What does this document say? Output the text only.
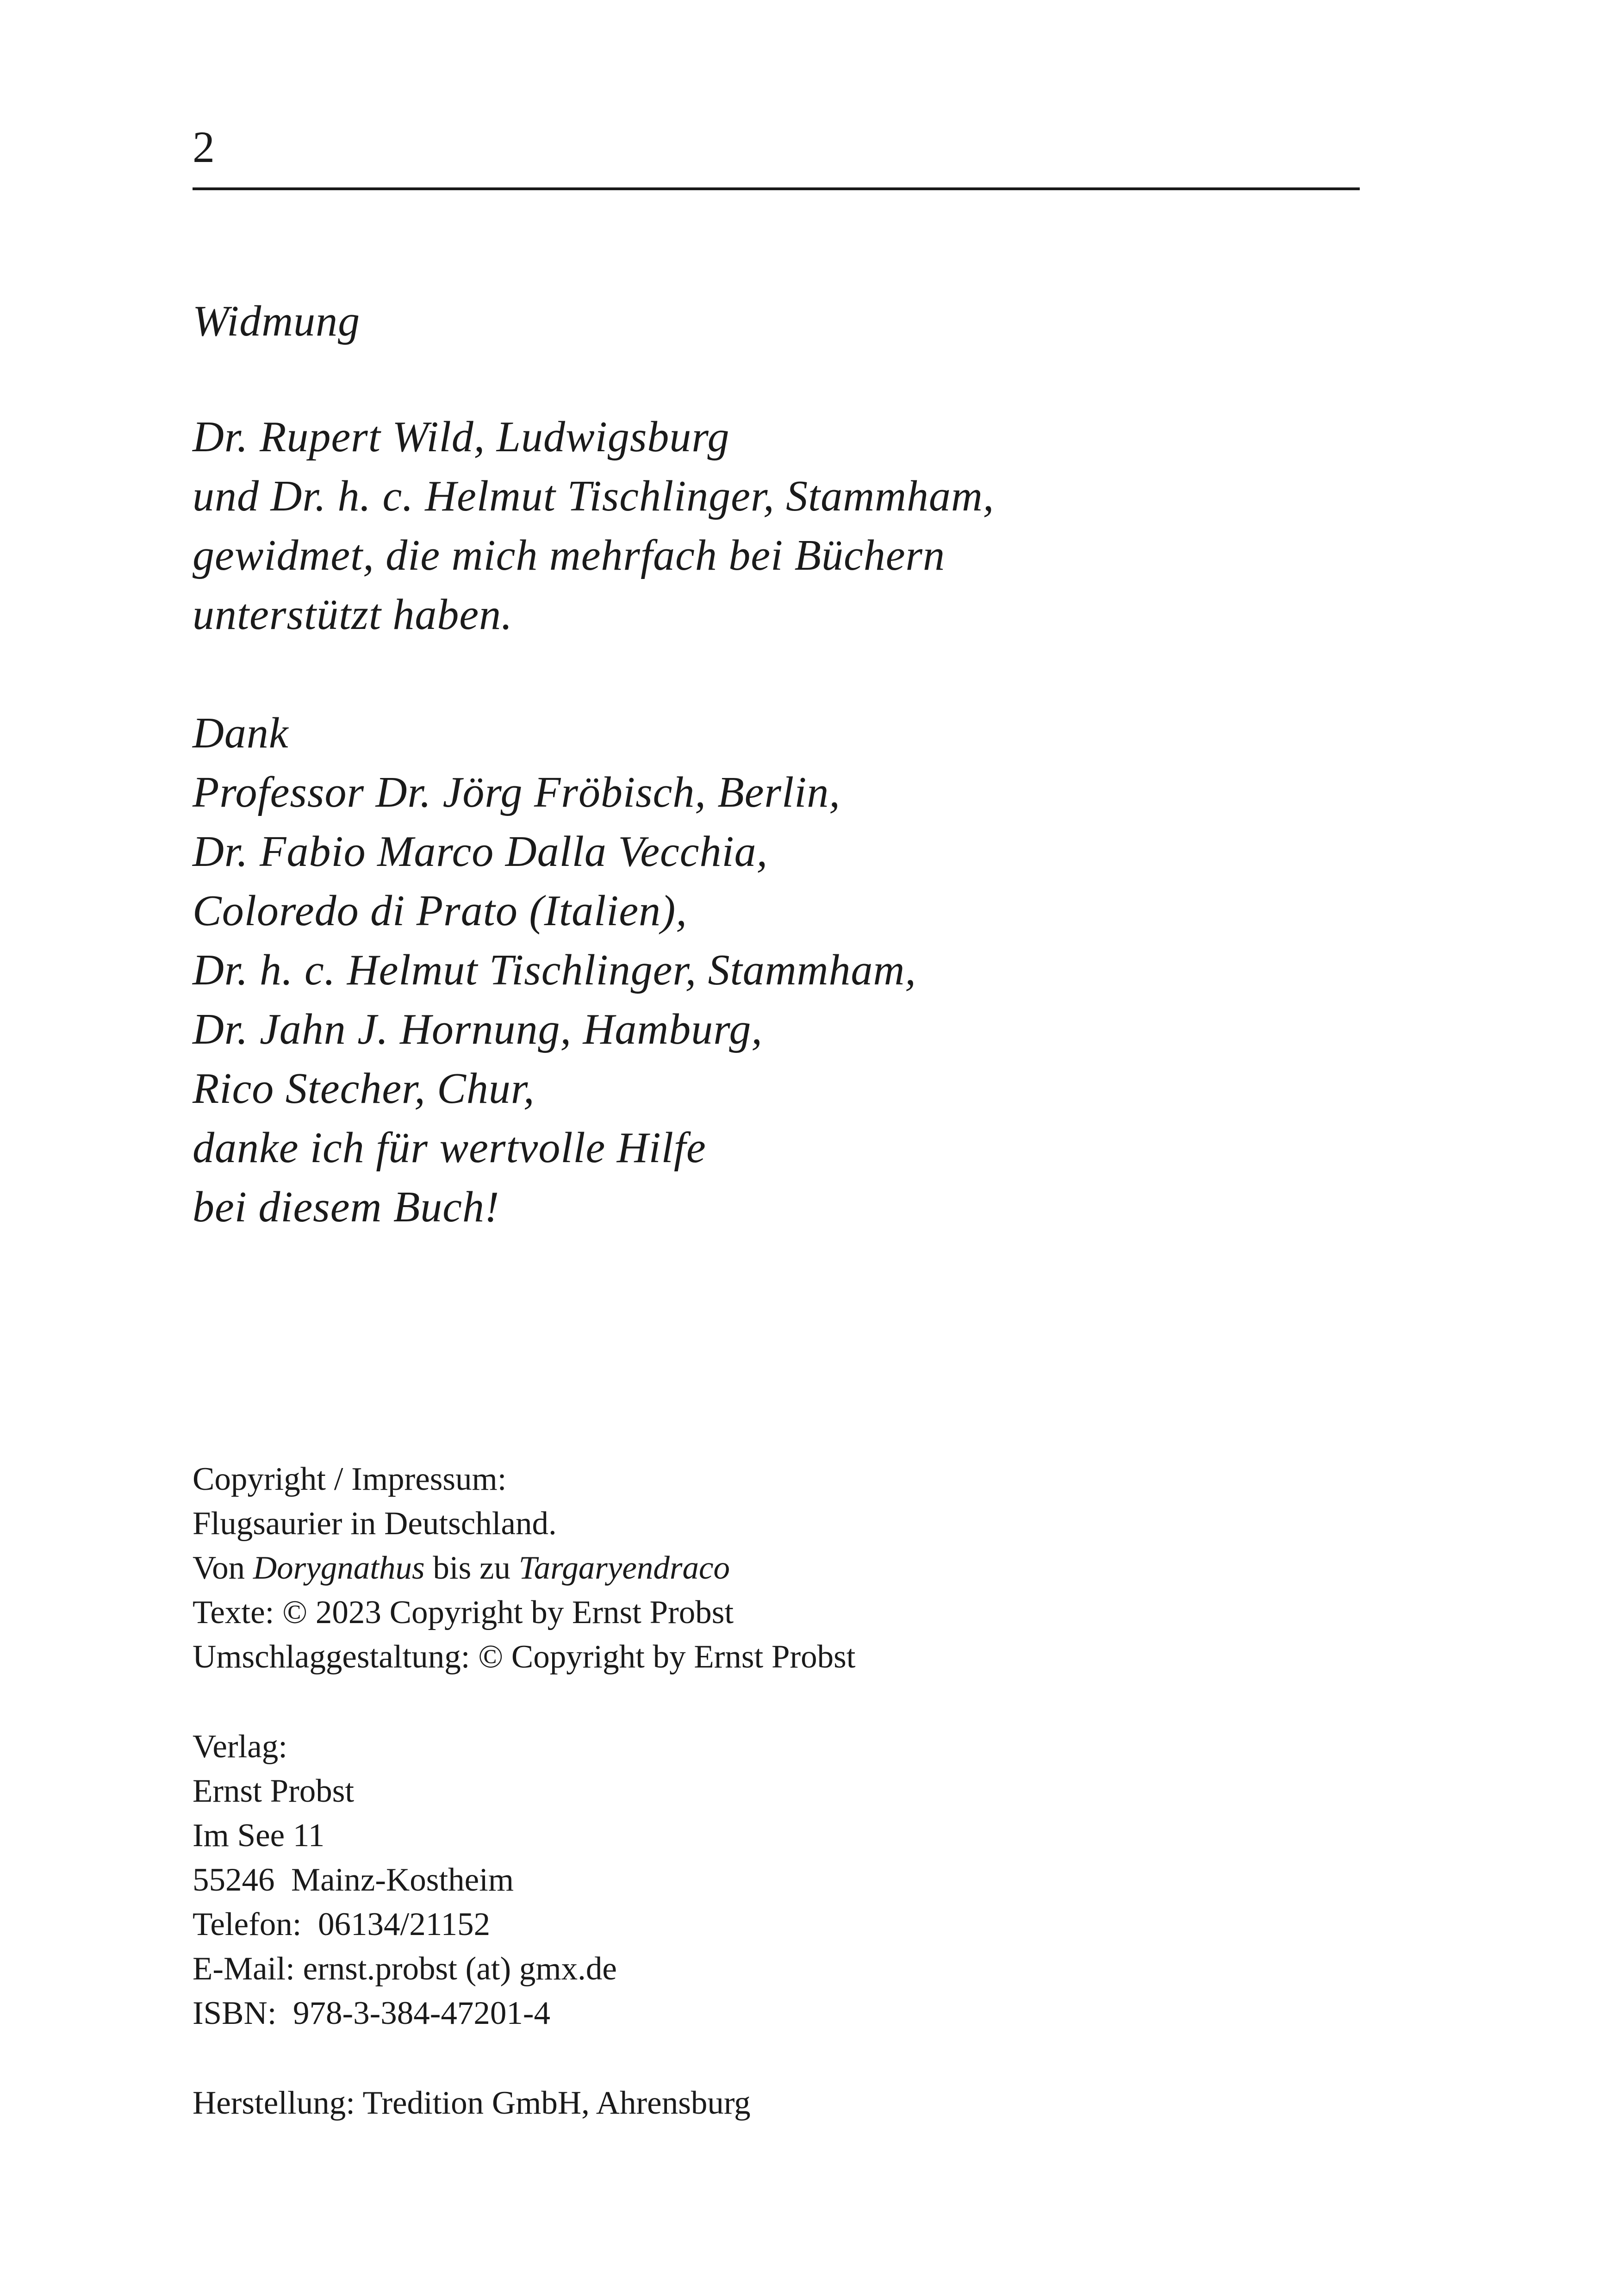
2
Widmung
Dr. Rupert Wild, Ludwigsburg
und Dr. h. c. Helmut Tischlinger, Stammham,
gewidmet, die mich mehrfach bei Büchern
unterstützt haben.
Dank
Professor Dr. Jörg Fröbisch, Berlin,
Dr. Fabio Marco Dalla Vecchia,
Coloredo di Prato (Italien),
Dr. h. c. Helmut Tischlinger, Stammham,
Dr. Jahn J. Hornung, Hamburg,
Rico Stecher, Chur,
danke ich für wertvolle Hilfe
bei diesem Buch!
Copyright / Impressum:
Flugsaurier in Deutschland.
Von Dorygnathus bis zu Targaryendraco
Texte: © 2023 Copyright by Ernst Probst
Umschlaggestaltung: © Copyright by Ernst Probst
Verlag:
Ernst Probst
Im See 11
55246  Mainz-Kostheim
Telefon:  06134/21152
E-Mail: ernst.probst (at) gmx.de
ISBN:  978-3-384-47201-4
Herstellung: Tredition GmbH, Ahrensburg
